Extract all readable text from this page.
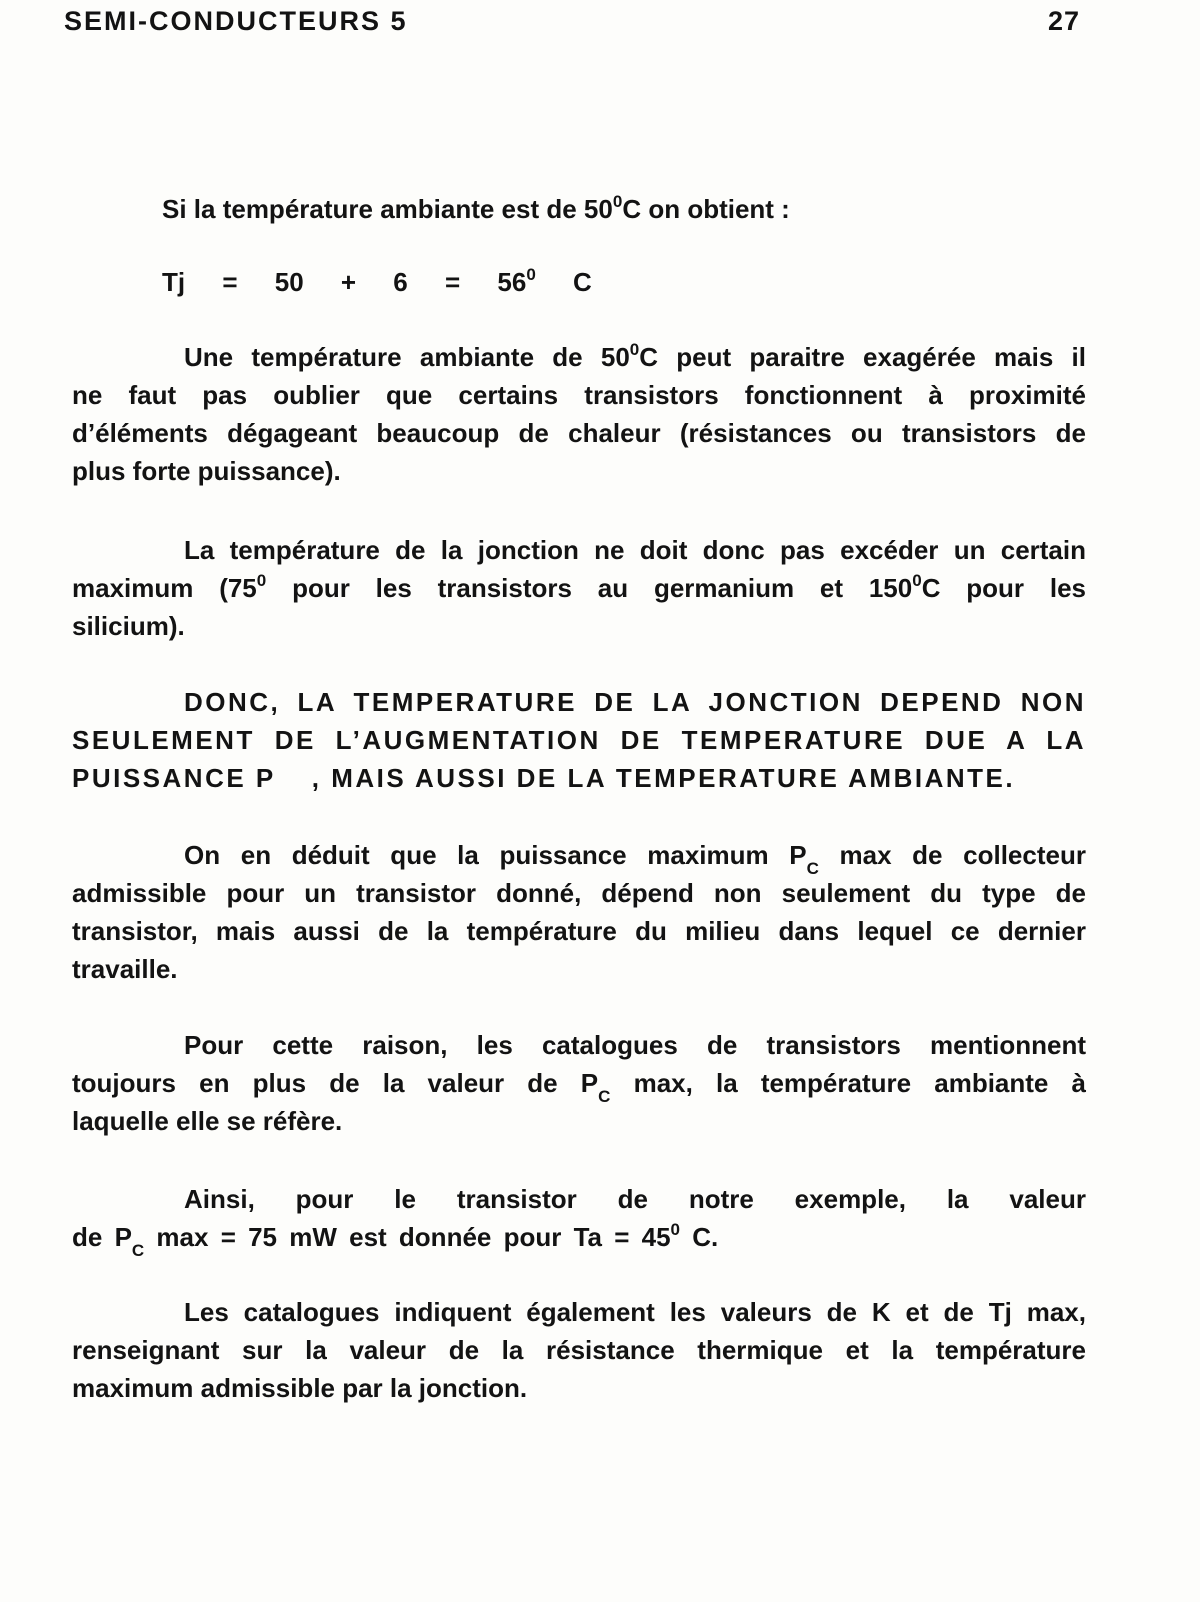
SEMI-CONDUCTEURS 5	27
Si la température ambiante est de $50^0C$ on obtient :
$Tj = 50 + 6 = 56^0$ C
Une température ambiante de $50^0C$ peut paraitre exagérée mais il
ne faut pas oublier que certains transistors fonctionnent à proximité
d’éléments dégageant beaucoup de chaleur (résistances ou transistors de
plus forte puissance).
La température de la jonction ne doit donc pas excéder un certain
maximum ($75^0$ pour les transistors au germanium et $150^0C$ pour les
silicium).
DONC, LA TEMPERATURE DE LA JONCTION DEPEND NON
SEULEMENT DE L’AUGMENTATION DE TEMPERATURE DUE A LA
PUISSANCE P , MAIS AUSSI DE LA TEMPERATURE AMBIANTE.
On en déduit que la puissance maximum $P_C$ max de collecteur
admissible pour un transistor donné, dépend non seulement du type de
transistor, mais aussi de la température du milieu dans lequel ce dernier
travaille.
Pour cette raison, les catalogues de transistors mentionnent
toujours en plus de la valeur de $P_C$ max, la température ambiante à
laquelle elle se réfère.
Ainsi, pour le transistor de notre exemple, la valeur
de $P_C$ max = 75 mW est donnée pour $Ta = 45^0$ C.
Les catalogues indiquent également les valeurs de K et de Tj max,
renseignant sur la valeur de la résistance thermique et la température
maximum admissible par la jonction.
